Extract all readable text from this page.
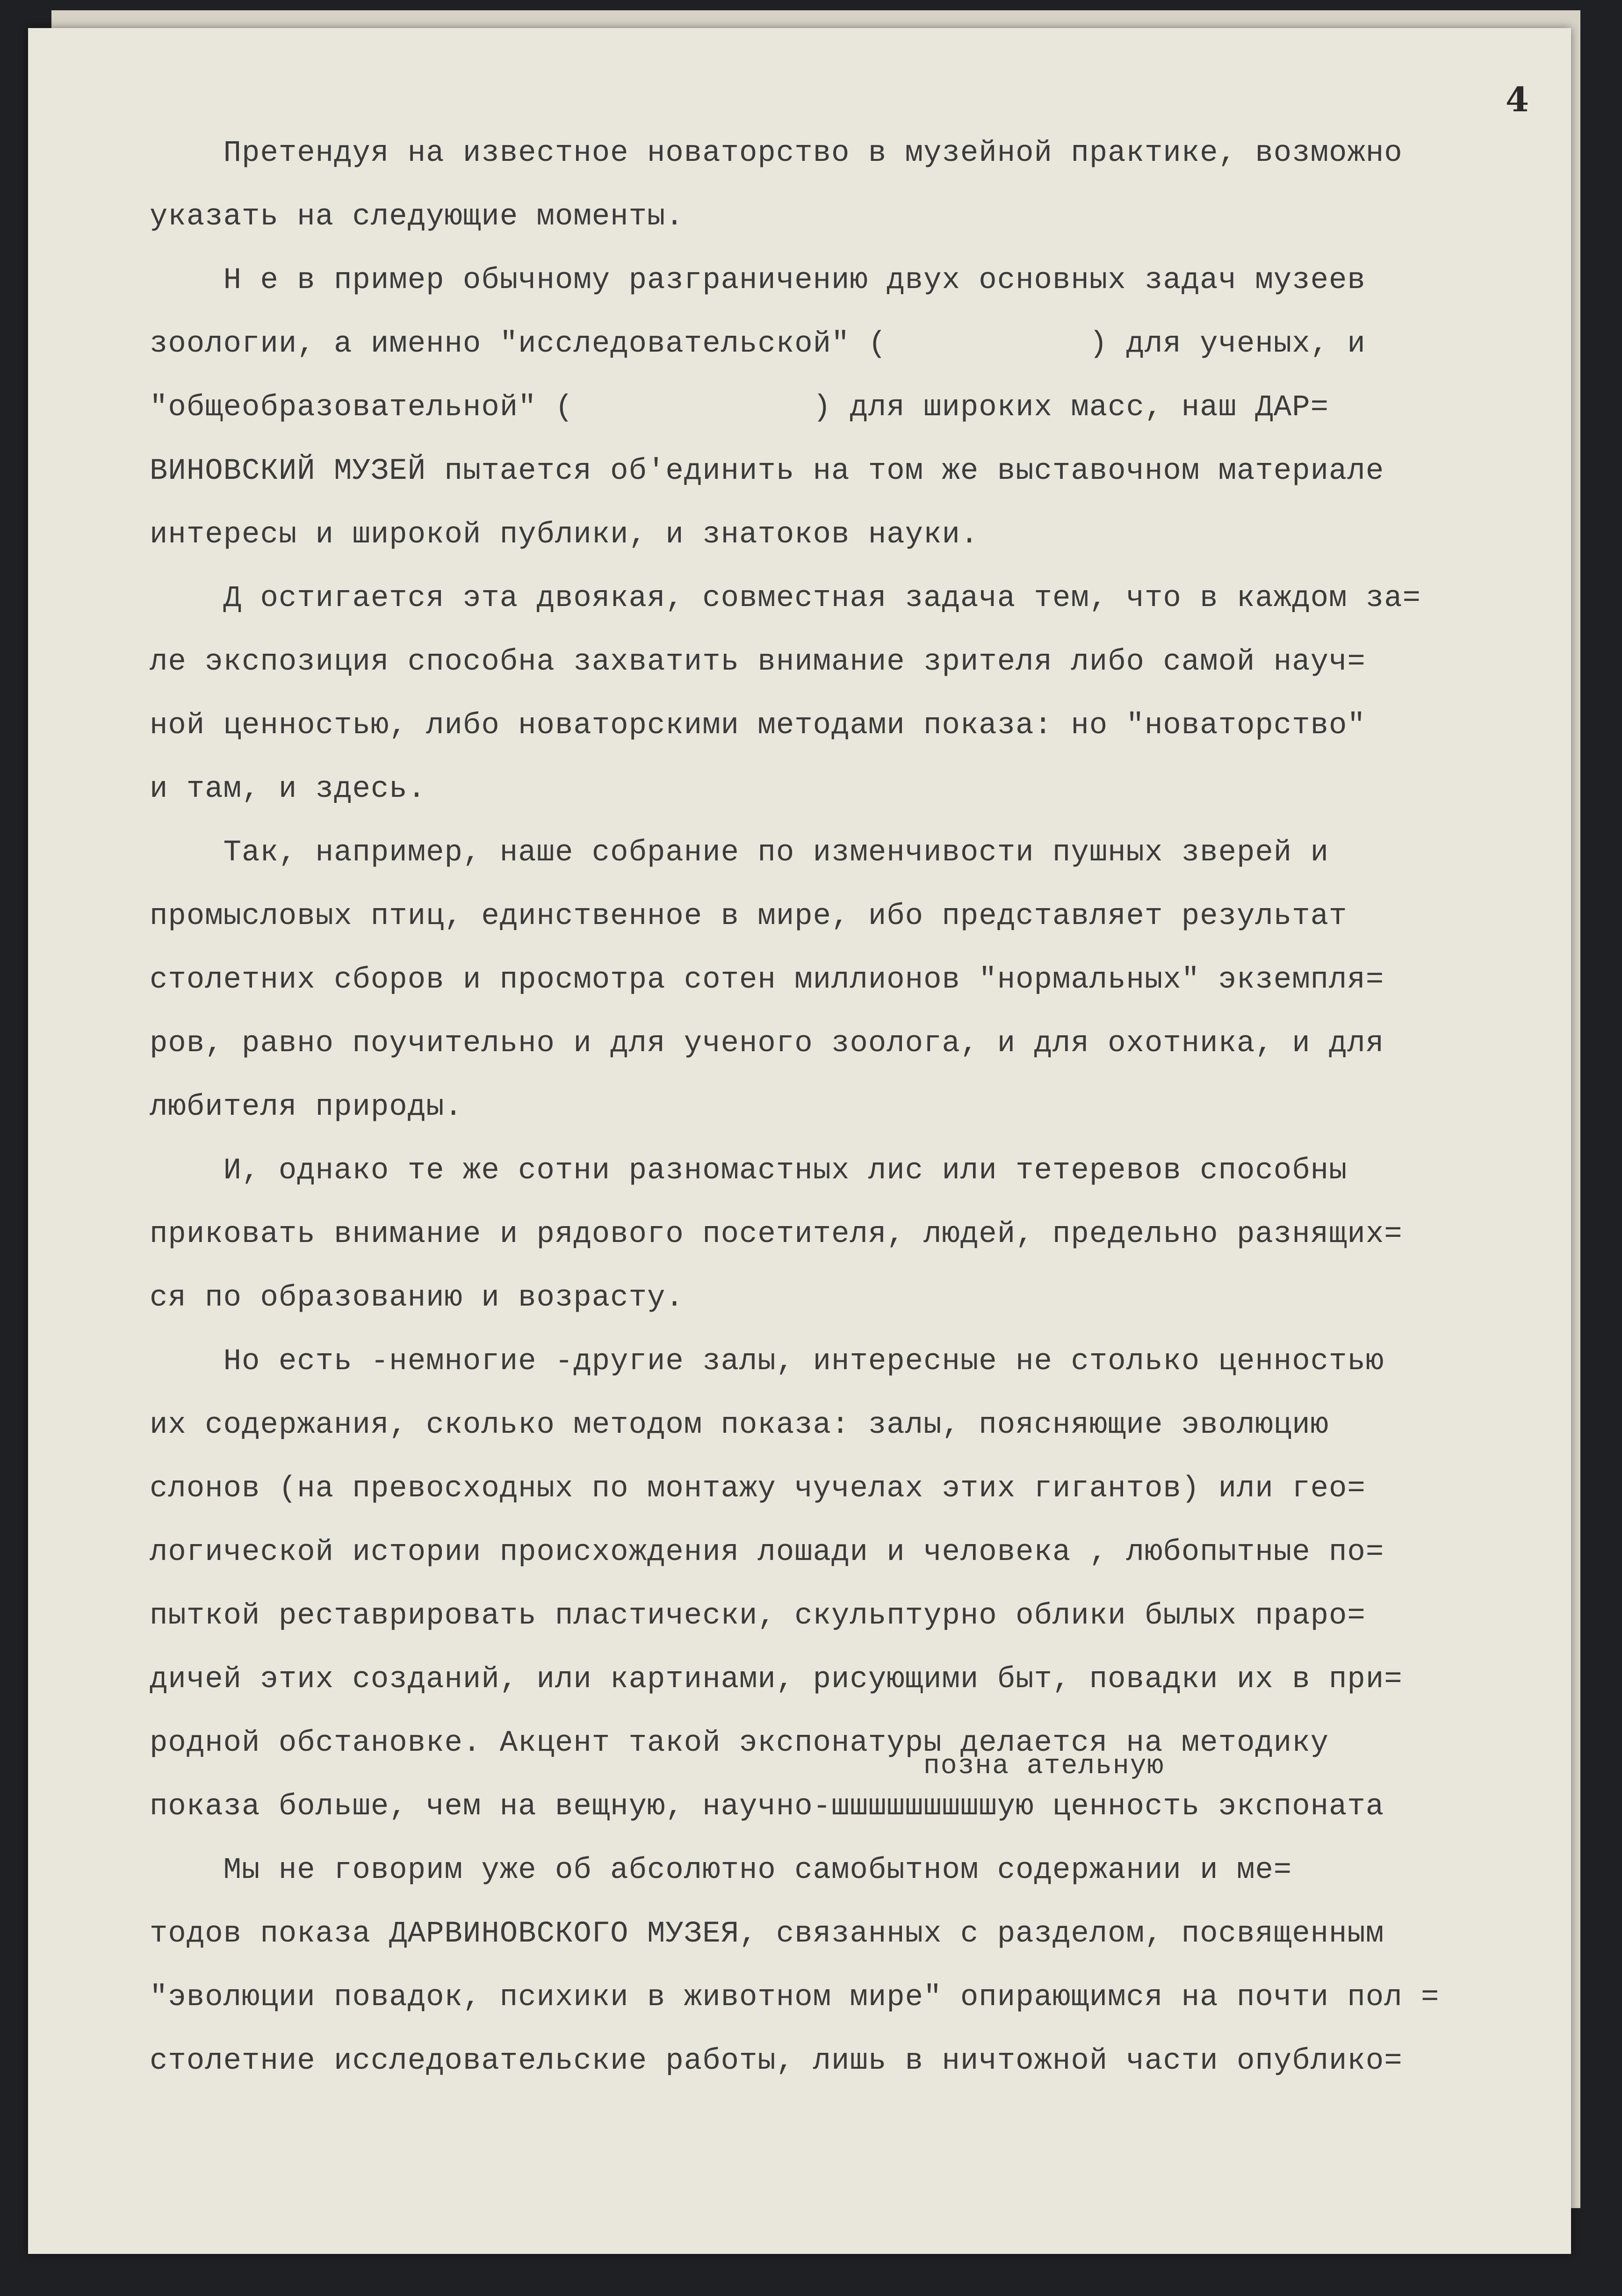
4
Претендуя на известное новаторство в музейной практике, возможно
указать на следующие моменты.
Н е в пример обычному разграничению двух основных задач музеев
зоологии, а именно "исследовательской" (           ) для ученых, и
"общеобразовательной" (             ) для широких масс, наш ДАР=
ВИНОВСКИЙ МУЗЕЙ пытается об'единить на том же выставочном материале
интересы и широкой публики, и знатоков науки.
Д остигается эта двоякая, совместная задача тем, что в каждом за=
ле экспозиция способна захватить внимание зрителя либо самой науч=
ной ценностью, либо новаторскими методами показа: но "новаторство"
и там, и здесь.
Так, например, наше собрание по изменчивости пушных зверей и
промысловых птиц, единственное в мире, ибо представляет результат
столетних сборов и просмотра сотен миллионов "нормальных" экземпля=
ров, равно поучительно и для ученого зоолога, и для охотника, и для
любителя природы.
И, однако те же сотни разномастных лис или тетеревов способны
приковать внимание и рядового посетителя, людей, предельно разнящих=
ся по образованию и возрасту.
Но есть -немногие -другие залы, интересные не столько ценностью
их содержания, сколько методом показа: залы, поясняющие эволюцию
слонов (на превосходных по монтажу чучелах этих гигантов) или гео=
логической истории происхождения лошади и человека , любопытные по=
пыткой реставрировать пластически, скульптурно облики былых праро=
дичей этих созданий, или картинами, рисующими быт, повадки их в при=
родной обстановке. Акцент такой экспонатуры делается на методику
показа больше, чем на вещную, научно-шшшшшшшшшую ценность экспоната
Мы не говорим уже об абсолютно самобытном содержании и ме=
тодов показа ДАРВИНОВСКОГО МУЗЕЯ, связанных с разделом, посвященным
"эволюции повадок, психики в животном мире" опирающимся на почти пол =
столетние исследовательские работы, лишь в ничтожной части опублико=
позна ательную
